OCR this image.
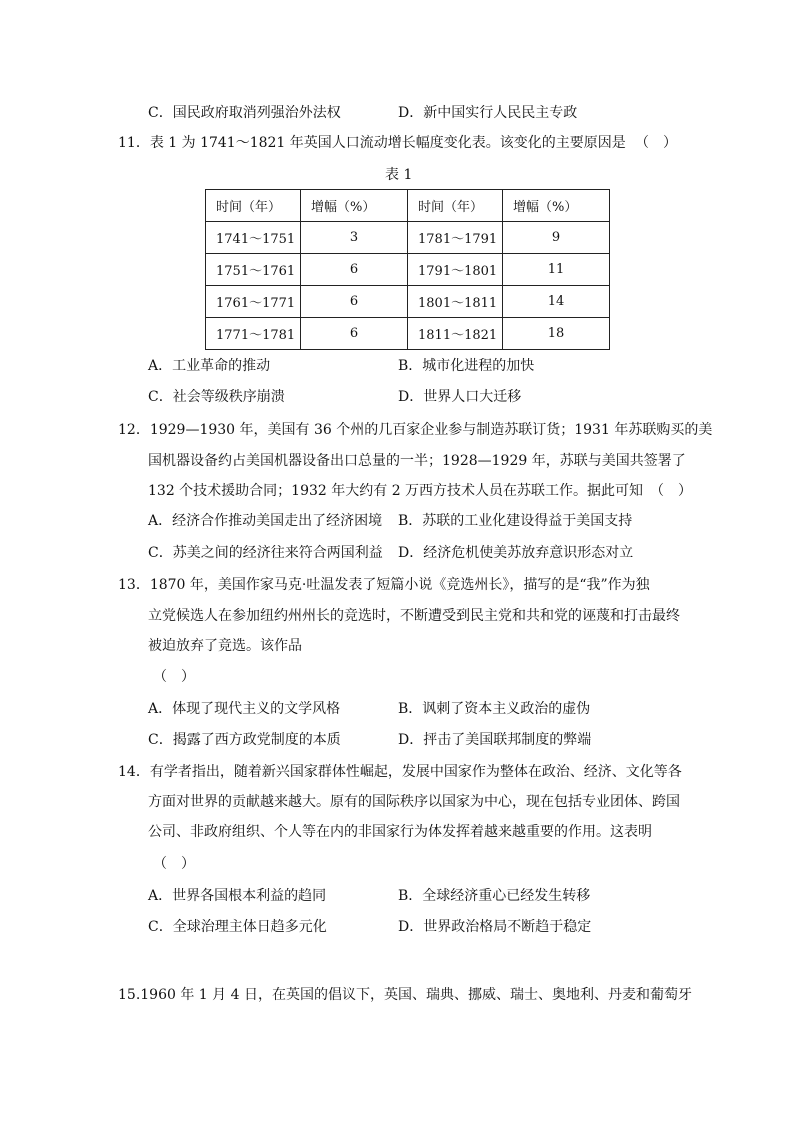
C．国民政府取消列强治外法权	D．新中国实行人民民主专政
11．表 1 为 1741～1821 年英国人口流动增长幅度变化表。该变化的主要原因是 （　）
表 1
时间（年）	增幅（%）	时间（年）	增幅（%）
1741～1751	3	1781～1791	9
1751～1761	6	1791～1801	11
1761～1771	6	1801～1811	14
1771～1781	6	1811～1821	18
A．工业革命的推动	B．城市化进程的加快
C．社会等级秩序崩溃	D．世界人口大迁移
12．1929—1930 年，美国有 36 个州的几百家企业参与制造苏联订货；1931 年苏联购买的美
国机器设备约占美国机器设备出口总量的一半；1928—1929 年，苏联与美国共签署了
132 个技术援助合同；1932 年大约有 2 万西方技术人员在苏联工作。据此可知　（　）
A．经济合作推动美国走出了经济困境 B．苏联的工业化建设得益于美国支持
C．苏美之间的经济往来符合两国利益 D．经济危机使美苏放弃意识形态对立
13．1870 年，美国作家马克·吐温发表了短篇小说《竞选州长》，描写的是“我”作为独
立党候选人在参加纽约州州长的竞选时，不断遭受到民主党和共和党的诬蔑和打击最终
被迫放弃了竞选。该作品
（　）
A．体现了现代主义的文学风格	B．讽刺了资本主义政治的虚伪
C．揭露了西方政党制度的本质	D．抨击了美国联邦制度的弊端
14．有学者指出，随着新兴国家群体性崛起，发展中国家作为整体在政治、经济、文化等各
方面对世界的贡献越来越大。原有的国际秩序以国家为中心，现在包括专业团体、跨国
公司、非政府组织、个人等在内的非国家行为体发挥着越来越重要的作用。这表明
（　）
A．世界各国根本利益的趋同	B．全球经济重心已经发生转移
C．全球治理主体日趋多元化	D．世界政治格局不断趋于稳定
15.1960 年 1 月 4 日，在英国的倡议下，英国、瑞典、挪威、瑞士、奥地利、丹麦和葡萄牙
